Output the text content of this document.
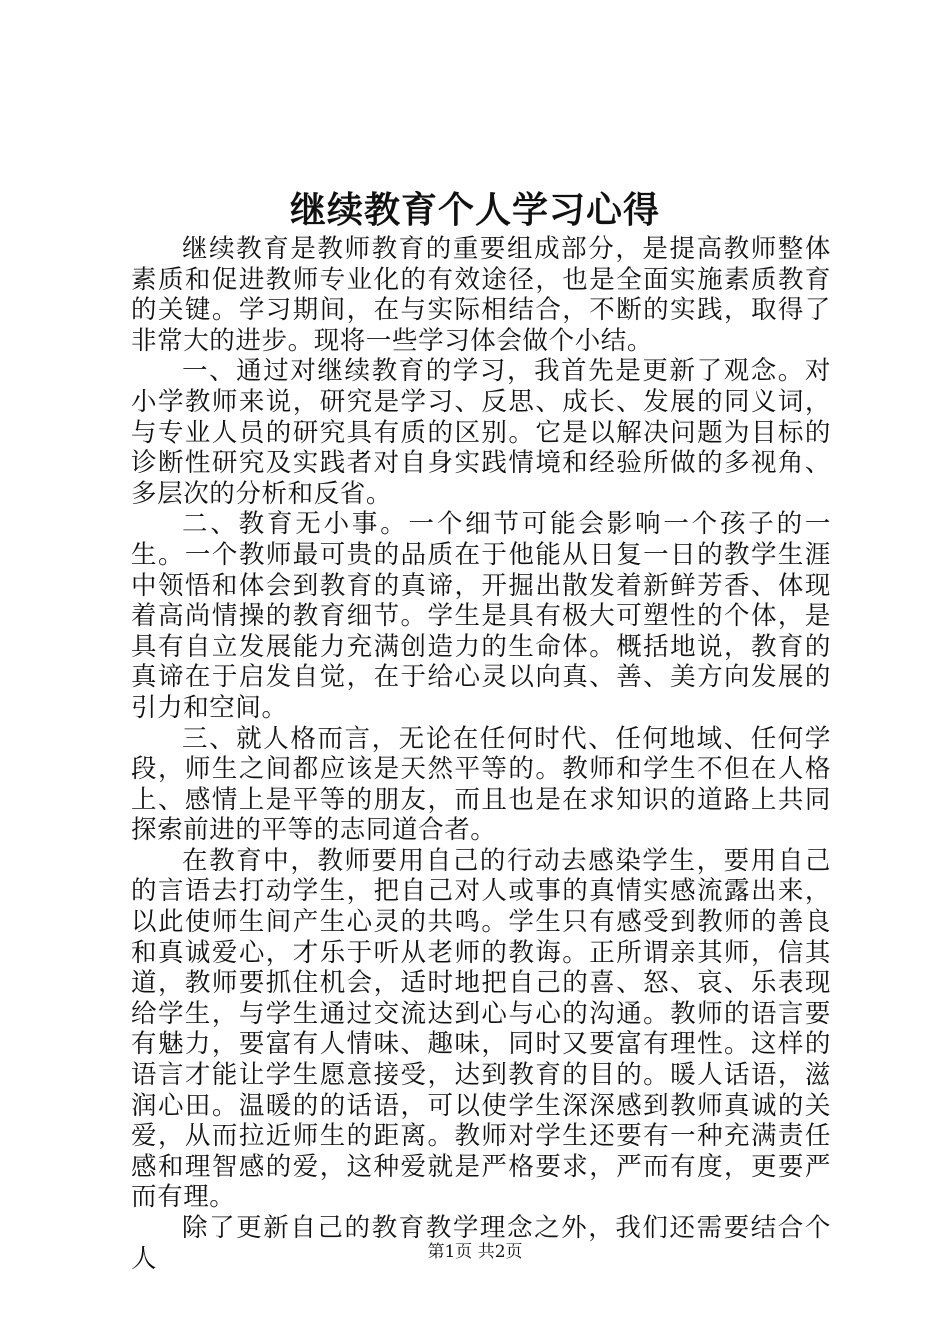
继续教育个人学习心得

继续教育是教师教育的重要组成部分，是提高教师整体素质和促进教师专业化的有效途径，也是全面实施素质教育的关键。学习期间，在与实际相结合，不断的实践，取得了非常大的进步。现将一些学习体会做个小结。

一、通过对继续教育的学习，我首先是更新了观念。对小学教师来说，研究是学习、反思、成长、发展的同义词，与专业人员的研究具有质的区别。它是以解决问题为目标的诊断性研究及实践者对自身实践情境和经验所做的多视角、多层次的分析和反省。

二、教育无小事。一个细节可能会影响一个孩子的一生。一个教师最可贵的品质在于他能从日复一日的教学生涯中领悟和体会到教育的真谛，开掘出散发着新鲜芳香、体现着高尚情操的教育细节。学生是具有极大可塑性的个体，是具有自立发展能力充满创造力的生命体。概括地说，教育的真谛在于启发自觉，在于给心灵以向真、善、美方向发展的引力和空间。

三、就人格而言，无论在任何时代、任何地域、任何学段，师生之间都应该是天然平等的。教师和学生不但在人格上、感情上是平等的朋友，而且也是在求知识的道路上共同探索前进的平等的志同道合者。

在教育中，教师要用自己的行动去感染学生，要用自己的言语去打动学生，把自己对人或事的真情实感流露出来，以此使师生间产生心灵的共鸣。学生只有感受到教师的善良和真诚爱心，才乐于听从老师的教诲。正所谓亲其师，信其道，教师要抓住机会，适时地把自己的喜、怒、哀、乐表现给学生，与学生通过交流达到心与心的沟通。教师的语言要有魅力，要富有人情味、趣味，同时又要富有理性。这样的语言才能让学生愿意接受，达到教育的目的。暖人话语，滋润心田。温暖的的话语，可以使学生深深感到教师真诚的关爱，从而拉近师生的距离。教师对学生还要有一种充满责任感和理智感的爱，这种爱就是严格要求，严而有度，更要严而有理。

除了更新自己的教育教学理念之外，我们还需要结合个人	第1页 共2页
